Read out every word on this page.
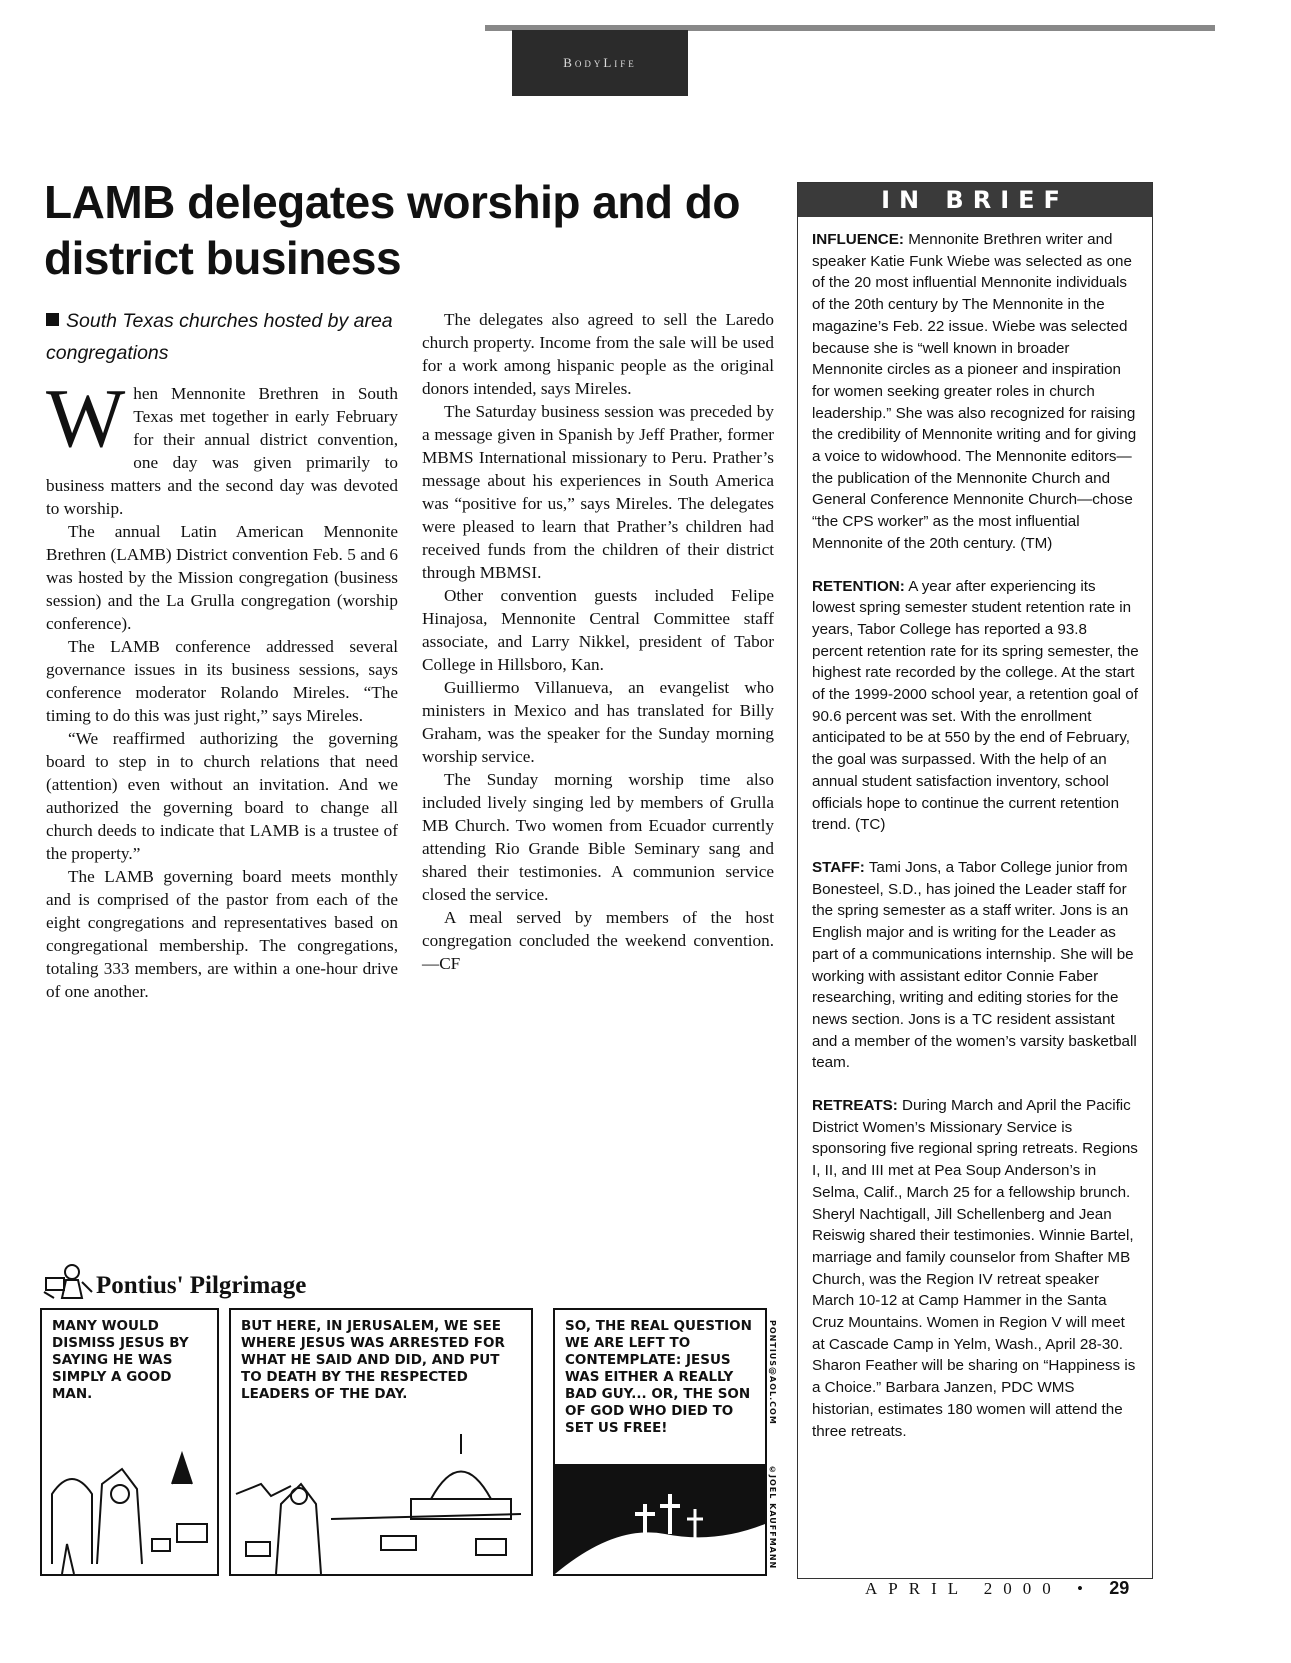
BodyLife
LAMB delegates worship and do district business

South Texas churches hosted by area congregations

When Mennonite Brethren in South Texas met together in early February for their annual district convention, one day was given primarily to business matters and the second day was devoted to worship.

The annual Latin American Mennonite Brethren (LAMB) District convention Feb. 5 and 6 was hosted by the Mission congregation (business session) and the La Grulla congregation (worship conference).

The LAMB conference addressed several governance issues in its business sessions, says conference moderator Rolando Mireles. “The timing to do this was just right,” says Mireles.

“We reaffirmed authorizing the governing board to step in to church relations that need (attention) even without an invitation. And we authorized the governing board to change all church deeds to indicate that LAMB is a trustee of the property.”

The LAMB governing board meets monthly and is comprised of the pastor from each of the eight congregations and representatives based on congregational membership. The congregations, totaling 333 members, are within a one-hour drive of one another.

The delegates also agreed to sell the Laredo church property. Income from the sale will be used for a work among hispanic people as the original donors intended, says Mireles.

The Saturday business session was preceded by a message given in Spanish by Jeff Prather, former MBMS International missionary to Peru. Prather’s message about his experiences in South America was “positive for us,” says Mireles. The delegates were pleased to learn that Prather’s children had received funds from the children of their district through MBMSI.

Other convention guests included Felipe Hinajosa, Mennonite Central Committee staff associate, and Larry Nikkel, president of Tabor College in Hillsboro, Kan.

Guilliermo Villanueva, an evangelist who ministers in Mexico and has translated for Billy Graham, was the speaker for the Sunday morning worship service.

The Sunday morning worship time also included lively singing led by members of Grulla MB Church. Two women from Ecuador currently attending Rio Grande Bible Seminary sang and shared their testimonies. A communion service closed the service.

A meal served by members of the host congregation concluded the weekend convention. —CF

IN BRIEF

INFLUENCE: Mennonite Brethren writer and speaker Katie Funk Wiebe was selected as one of the 20 most influential Mennonite individuals of the 20th century by The Mennonite in the magazine’s Feb. 22 issue. Wiebe was selected because she is “well known in broader Mennonite circles as a pioneer and inspiration for women seeking greater roles in church leadership.” She was also recognized for raising the credibility of Mennonite writing and for giving a voice to widowhood. The Mennonite editors—the publication of the Mennonite Church and General Conference Mennonite Church—chose “the CPS worker” as the most influential Mennonite of the 20th century. (TM)

RETENTION: A year after experiencing its lowest spring semester student retention rate in years, Tabor College has reported a 93.8 percent retention rate for its spring semester, the highest rate recorded by the college. At the start of the 1999-2000 school year, a retention goal of 90.6 percent was set. With the enrollment anticipated to be at 550 by the end of February, the goal was surpassed. With the help of an annual student satisfaction inventory, school officials hope to continue the current retention trend. (TC)

STAFF: Tami Jons, a Tabor College junior from Bonesteel, S.D., has joined the Leader staff for the spring semester as a staff writer. Jons is an English major and is writing for the Leader as part of a communications internship. She will be working with assistant editor Connie Faber researching, writing and editing stories for the news section. Jons is a TC resident assistant and a member of the women’s varsity basketball team.

RETREATS: During March and April the Pacific District Women’s Missionary Service is sponsoring five regional spring retreats. Regions I, II, and III met at Pea Soup Anderson’s in Selma, Calif., March 25 for a fellowship brunch. Sheryl Nachtigall, Jill Schellenberg and Jean Reiswig shared their testimonies. Winnie Bartel, marriage and family counselor from Shafter MB Church, was the Region IV retreat speaker March 10-12 at Camp Hammer in the Santa Cruz Mountains. Women in Region V will meet at Cascade Camp in Yelm, Wash., April 28-30. Sharon Feather will be sharing on “Happiness is a Choice.” Barbara Janzen, PDC WMS historian, estimates 180 women will attend the three retreats.

Pontius' Pilgrimage
MANY WOULD DISMISS JESUS BY SAYING HE WAS SIMPLY A GOOD MAN.
BUT HERE, IN JERUSALEM, WE SEE WHERE JESUS WAS ARRESTED FOR WHAT HE SAID AND DID, AND PUT TO DEATH BY THE RESPECTED LEADERS OF THE DAY.
SO, THE REAL QUESTION WE ARE LEFT TO CONTEMPLATE: JESUS WAS EITHER A REALLY BAD GUY... OR, THE SON OF GOD WHO DIED TO SET US FREE!
PONTIUS@AOL.COM
©JOEL KAUFFMANN
APRIL 2000 • 29
